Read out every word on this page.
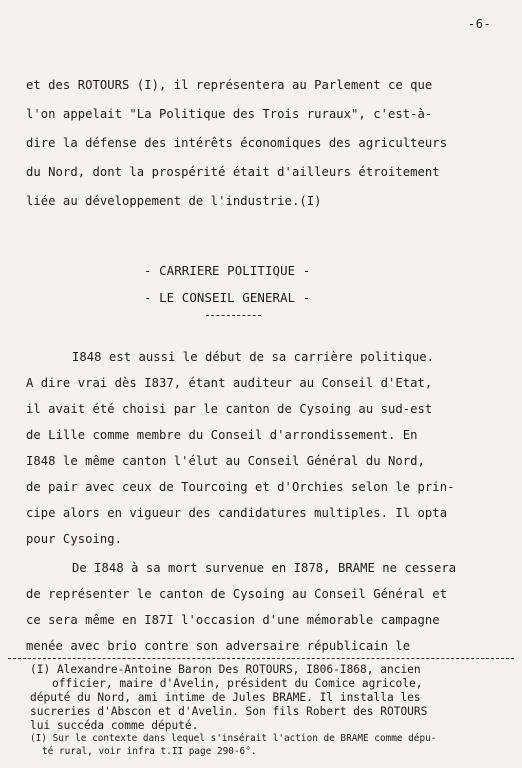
-6-
et des ROTOURS (I), il représentera au Parlement ce que
l'on appelait "La Politique des Trois ruraux", c'est-à-
dire la défense des intérêts économiques des agriculteurs
du Nord, dont la prospérité était d'ailleurs étroitement
liée au développement de l'industrie.(I)
- CARRIERE POLITIQUE -
- LE CONSEIL GENERAL -
I848 est aussi le début de sa carrière politique.
A dire vrai dès I837, étant auditeur au Conseil d'Etat,
il avait été choisi par le canton de Cysoing au sud-est
de Lille comme membre du Conseil d'arrondissement. En
I848 le même canton l'élut au Conseil Général du Nord,
de pair avec ceux de Tourcoing et d'Orchies selon le prin-
cipe alors en vigueur des candidatures multiples. Il opta
pour Cysoing.
De I848 à sa mort survenue en I878, BRAME ne cessera
de représenter le canton de Cysoing au Conseil Général et
ce sera même en I87I l'occasion d'une mémorable campagne
menée avec brio contre son adversaire républicain le
(I) Alexandre-Antoine Baron Des ROTOURS, I806-I868, ancien
officier, maire d'Avelin, président du Comice agricole,
député du Nord, ami intime de Jules BRAME. Il installa les
sucreries d'Abscon et d'Avelin. Son fils Robert des ROTOURS
lui succéda comme député.
(I) Sur le contexte dans lequel s'insérait l'action de BRAME comme dépu-
té rural, voir infra t.II page 290-6°.
